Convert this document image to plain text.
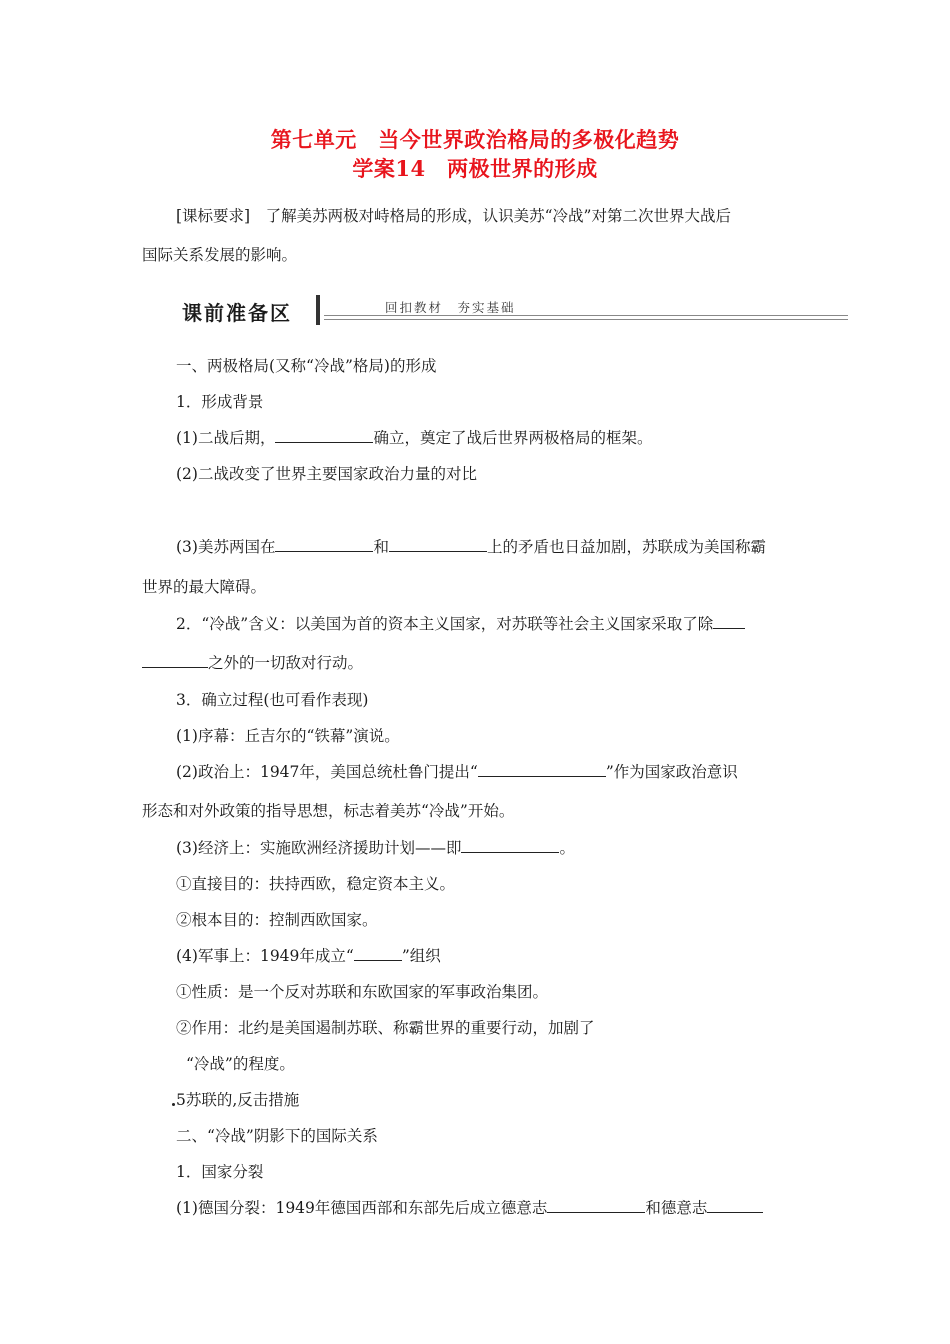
第七单元　当今世界政治格局的多极化趋势
学案14　两极世界的形成
[课标要求]　了解美苏两极对峙格局的形成，认识美苏“冷战”对第二次世界大战后
国际关系发展的影响。
课前准备区	回扣教材　夯实基础
一、两极格局(又称“冷战”格局)的形成
1．形成背景
(1)二战后期，	确立，奠定了战后世界两极格局的框架。
(2)二战改变了世界主要国家政治力量的对比
(3)美苏两国在	和	上的矛盾也日益加剧，苏联成为美国称霸
世界的最大障碍。
2．“冷战”含义：以美国为首的资本主义国家，对苏联等社会主义国家采取了除
之外的一切敌对行动。
3．确立过程(也可看作表现)
(1)序幕：丘吉尔的“铁幕”演说。
(2)政治上：1947年，美国总统杜鲁门提出“	”作为国家政治意识
形态和对外政策的指导思想，标志着美苏“冷战”开始。
(3)经济上：实施欧洲经济援助计划——即	。
①直接目的：扶持西欧，稳定资本主义。
②根本目的：控制西欧国家。
(4)军事上：1949年成立“	”组织
①性质：是一个反对苏联和东欧国家的军事政治集团。
②作用：北约是美国遏制苏联、称霸世界的重要行动，加剧了
“冷战”的程度。
5苏联的,反击措施
二、“冷战”阴影下的国际关系
1．国家分裂
(1)德国分裂：1949年德国西部和东部先后成立德意志	和德意志
